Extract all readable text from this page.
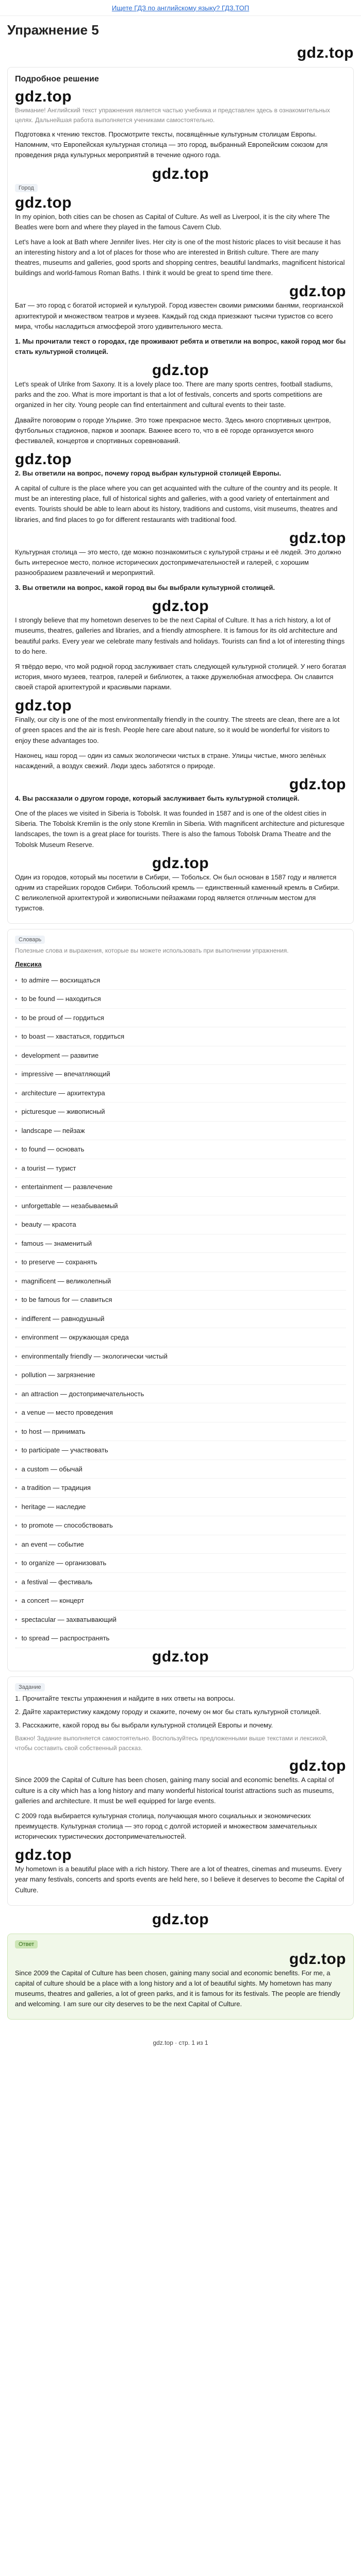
Ищете ГДЗ по английскому языку? ГДЗ.ТОП
Упражнение 5
gdz.top
Подробное решение
gdz.top

Внимание! Английский текст упражнения является частью учебника и представлен здесь в ознакомительных целях. Дальнейшая работа выполняется учениками самостоятельно.

Подготовка к чтению текстов. Просмотрите тексты, посвящённые культурным столицам Европы. Напомним, что Европейская культурная столица — это город, выбранный Европейским союзом для проведения ряда культурных мероприятий в течение одного года.

gdz.top
Город
gdz.top

In my opinion, both cities can be chosen as Capital of Culture. As well as Liverpool, it is the city where The Beatles were born and where they played in the famous Cavern Club.

Let's have a look at Bath where Jennifer lives. Her city is one of the most historic places to visit because it has an interesting history and a lot of places for those who are interested in British culture. There are many theatres, museums and galleries, good sports and shopping centres, beautiful landmarks, magnificent historical buildings and world-famous Roman Baths. I think it would be great to spend time there.

gdz.top

Бат — это город с богатой историей и культурой. Город известен своими римскими банями, георгианской архитектурой и множеством театров и музеев. Каждый год сюда приезжают тысячи туристов со всего мира, чтобы насладиться атмосферой этого удивительного места.

1. Мы прочитали текст о городах, где проживают ребята и ответили на вопрос, какой город мог бы стать культурной столицей.

gdz.top

Let's speak of Ulrike from Saxony. It is a lovely place too. There are many sports centres, football stadiums, parks and the zoo. What is more important is that a lot of festivals, concerts and sports competitions are organized in her city. Young people can find entertainment and cultural events to their taste.

Давайте поговорим о городе Ульрике. Это тоже прекрасное место. Здесь много спортивных центров, футбольных стадионов, парков и зоопарк. Важнее всего то, что в её городе организуется много фестивалей, концертов и спортивных соревнований.

gdz.top

2. Вы ответили на вопрос, почему город выбран культурной столицей Европы.

A capital of culture is the place where you can get acquainted with the culture of the country and its people. It must be an interesting place, full of historical sights and galleries, with a good variety of entertainment and events. Tourists should be able to learn about its history, traditions and customs, visit museums, theatres and libraries, and find places to go for different restaurants with traditional food.

gdz.top

Культурная столица — это место, где можно познакомиться с культурой страны и её людей. Это должно быть интересное место, полное исторических достопримечательностей и галерей, с хорошим разнообразием развлечений и мероприятий.

3. Вы ответили на вопрос, какой город вы бы выбрали культурной столицей.

gdz.top

I strongly believe that my hometown deserves to be the next Capital of Culture. It has a rich history, a lot of museums, theatres, galleries and libraries, and a friendly atmosphere. It is famous for its old architecture and beautiful parks. Every year we celebrate many festivals and holidays. Tourists can find a lot of interesting things to do here.

Я твёрдо верю, что мой родной город заслуживает стать следующей культурной столицей. У него богатая история, много музеев, театров, галерей и библиотек, а также дружелюбная атмосфера. Он славится своей старой архитектурой и красивыми парками.

gdz.top

Finally, our city is one of the most environmentally friendly in the country. The streets are clean, there are a lot of green spaces and the air is fresh. People here care about nature, so it would be wonderful for visitors to enjoy these advantages too.

Наконец, наш город — один из самых экологически чистых в стране. Улицы чистые, много зелёных насаждений, а воздух свежий. Люди здесь заботятся о природе.

gdz.top

4. Вы рассказали о другом городе, который заслуживает быть культурной столицей.

One of the places we visited in Siberia is Tobolsk. It was founded in 1587 and is one of the oldest cities in Siberia. The Tobolsk Kremlin is the only stone Kremlin in Siberia. With magnificent architecture and picturesque landscapes, the town is a great place for tourists. There is also the famous Tobolsk Drama Theatre and the Tobolsk Museum Reserve.

gdz.top

Один из городов, который мы посетили в Сибири, — Тобольск. Он был основан в 1587 году и является одним из старейших городов Сибири. Тобольский кремль — единственный каменный кремль в Сибири. С великолепной архитектурой и живописными пейзажами город является отличным местом для туристов.

Словарь

Полезные слова и выражения, которые вы можете использовать при выполнении упражнения.

Лексика
• to admire — восхищаться
• to be found — находиться
• to be proud of — гордиться
• to boast — хвастаться, гордиться
• development — развитие
• impressive — впечатляющий
• architecture — архитектура
• picturesque — живописный
• landscape — пейзаж
• to found — основать
• a tourist — турист
• entertainment — развлечение
• unforgettable — незабываемый
• beauty — красота
• famous — знаменитый
• to preserve — сохранять
• magnificent — великолепный
• to be famous for — славиться
• indifferent — равнодушный
• environment — окружающая среда
• environmentally friendly — экологически чистый
• pollution — загрязнение
• an attraction — достопримечательность
• a venue — место проведения
• to host — принимать
• to participate — участвовать
• a custom — обычай
• a tradition — традиция
• heritage — наследие
• to promote — способствовать
• an event — событие
• to organize — организовать
• a festival — фестиваль
• a concert — концерт
• spectacular — захватывающий
• to spread — распространять
gdz.top
Задание

1. Прочитайте тексты упражнения и найдите в них ответы на вопросы.

2. Дайте характеристику каждому городу и скажите, почему он мог бы стать культурной столицей.

3. Расскажите, какой город вы бы выбрали культурной столицей Европы и почему.

Важно! Задание выполняется самостоятельно. Воспользуйтесь предложенными выше текстами и лексикой, чтобы составить свой собственный рассказ.

gdz.top

Since 2009 the Capital of Culture has been chosen, gaining many social and economic benefits. A capital of culture is a city which has a long history and many wonderful historical tourist attractions such as museums, galleries and architecture. It must be well equipped for large events.

С 2009 года выбирается культурная столица, получающая много социальных и экономических преимуществ. Культурная столица — это город с долгой историей и множеством замечательных исторических туристических достопримечательностей.

gdz.top

My hometown is a beautiful place with a rich history. There are a lot of theatres, cinemas and museums. Every year many festivals, concerts and sports events are held here, so I believe it deserves to become the Capital of Culture.

gdz.top
Ответ
gdz.top

Since 2009 the Capital of Culture has been chosen, gaining many social and economic benefits. For me, a capital of culture should be a place with a long history and a lot of beautiful sights. My hometown has many museums, theatres and galleries, a lot of green parks, and it is famous for its festivals. The people are friendly and welcoming. I am sure our city deserves to be the next Capital of Culture.

gdz.top · стр. 1 из 1
